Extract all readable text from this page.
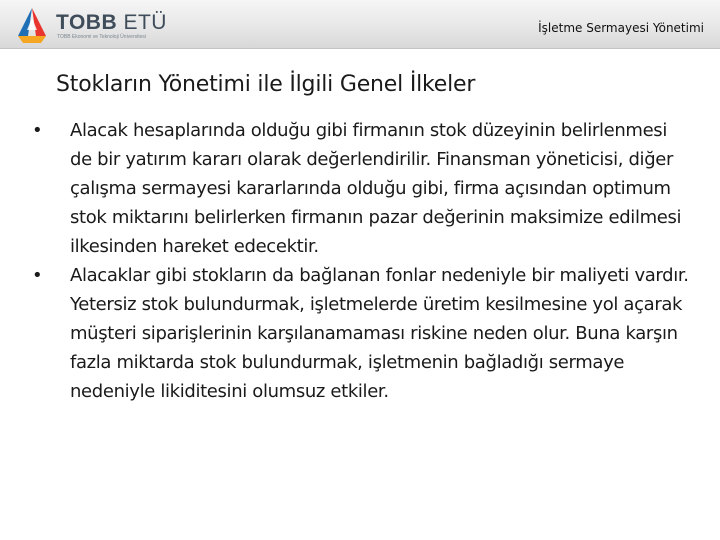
TOBB ETÜ
TOBB Ekonomi ve Teknoloji Üniversitesi
İşletme Sermayesi Yönetimi
Stokların Yönetimi ile İlgili Genel İlkeler
•	Alacak hesaplarında olduğu gibi firmanın stok düzeyinin belirlenmesi de bir yatırım kararı olarak değerlendirilir. Finansman yöneticisi, diğer çalışma sermayesi kararlarında olduğu gibi, firma açısından optimum stok miktarını belirlerken firmanın pazar değerinin maksimize edilmesi ilkesinden hareket edecektir.
•	Alacaklar gibi stokların da bağlanan fonlar nedeniyle bir maliyeti vardır. Yetersiz stok bulundurmak, işletmelerde üretim kesilmesine yol açarak müşteri siparişlerinin karşılanamaması riskine neden olur. Buna karşın fazla miktarda stok bulundurmak, işletmenin bağladığı sermaye nedeniyle likiditesini olumsuz etkiler.
